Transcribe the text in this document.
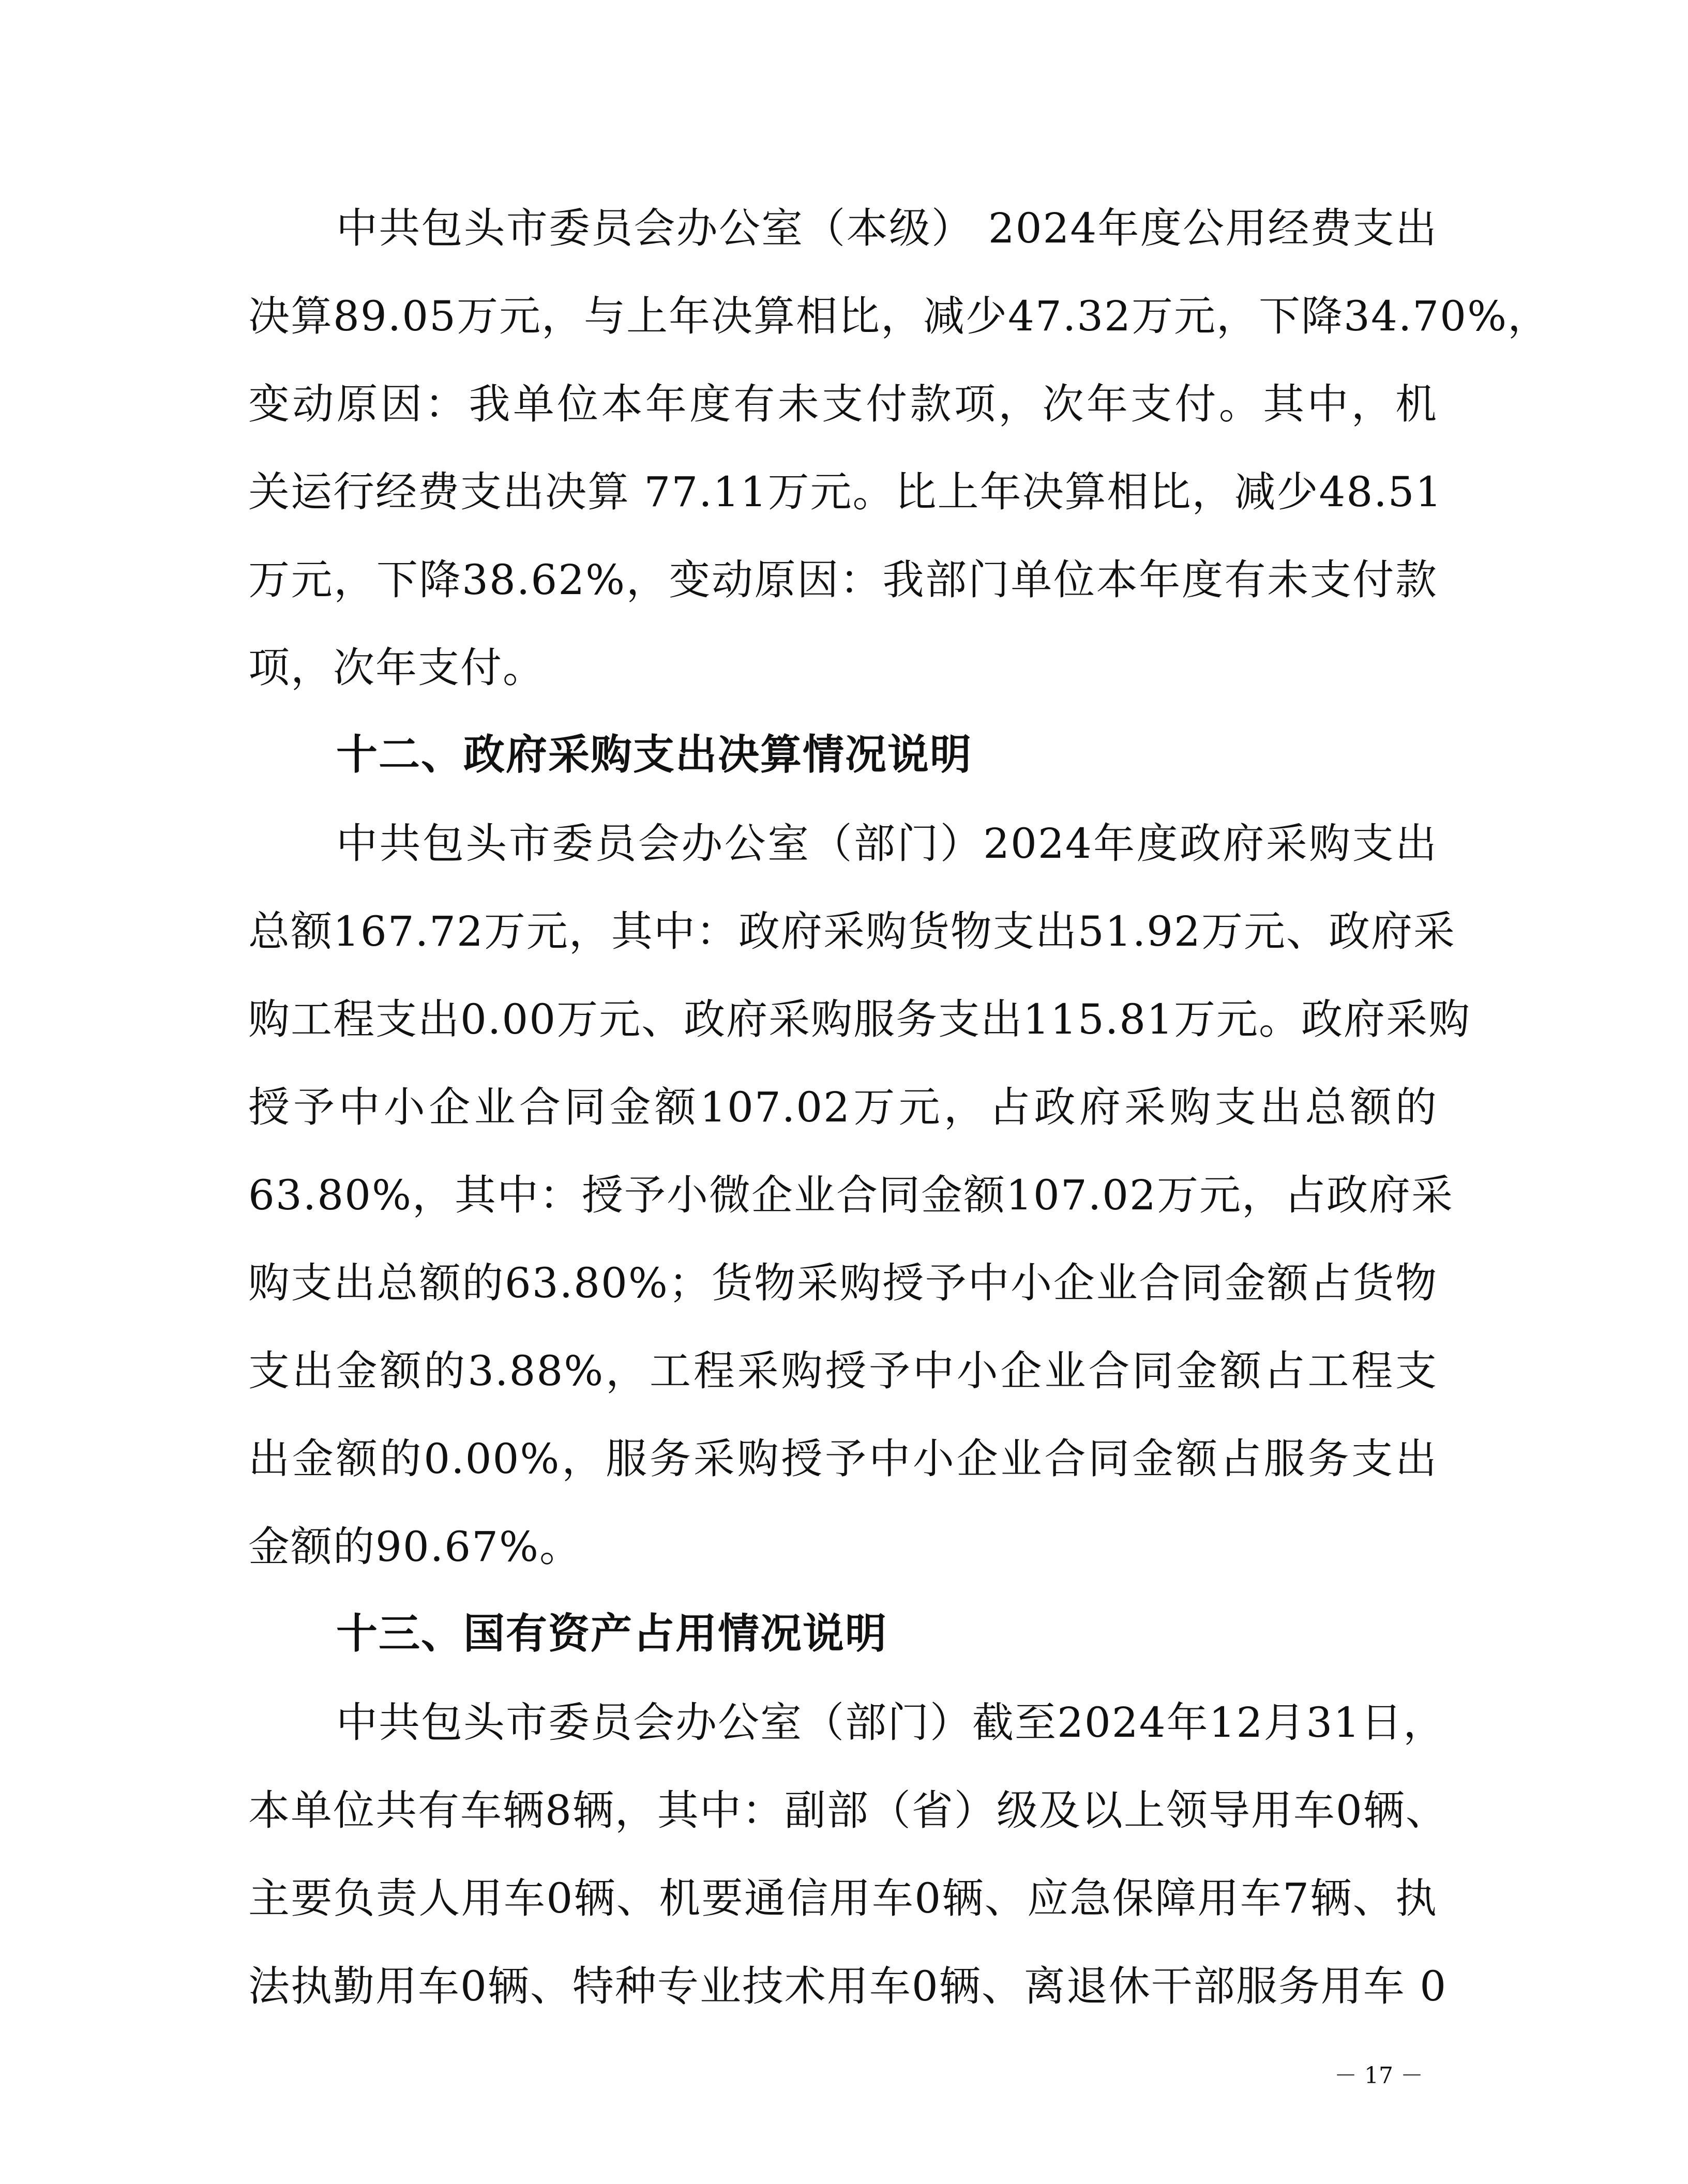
中共包头市委员会办公室（本级） 2024年度公用经费支出
决算89.05万元，与上年决算相比，减少47.32万元，下降34.70%，
变动原因：我单位本年度有未支付款项，次年支付。其中，机
关运行经费支出决算 77.11万元。比上年决算相比，减少48.51
万元，下降38.62%，变动原因：我部门单位本年度有未支付款
项，次年支付。
十二、政府采购支出决算情况说明
中共包头市委员会办公室（部门）2024年度政府采购支出
总额167.72万元，其中：政府采购货物支出51.92万元、政府采
购工程支出0.00万元、政府采购服务支出115.81万元。政府采购
授予中小企业合同金额107.02万元，占政府采购支出总额的
63.80%，其中：授予小微企业合同金额107.02万元，占政府采
购支出总额的63.80%；货物采购授予中小企业合同金额占货物
支出金额的3.88%，工程采购授予中小企业合同金额占工程支
出金额的0.00%，服务采购授予中小企业合同金额占服务支出
金额的90.67%。
十三、国有资产占用情况说明
中共包头市委员会办公室（部门）截至2024年12月31日，
本单位共有车辆8辆，其中：副部（省）级及以上领导用车0辆、
主要负责人用车0辆、机要通信用车0辆、应急保障用车7辆、执
法执勤用车0辆、特种专业技术用车0辆、离退休干部服务用车 0
－ 17 －
